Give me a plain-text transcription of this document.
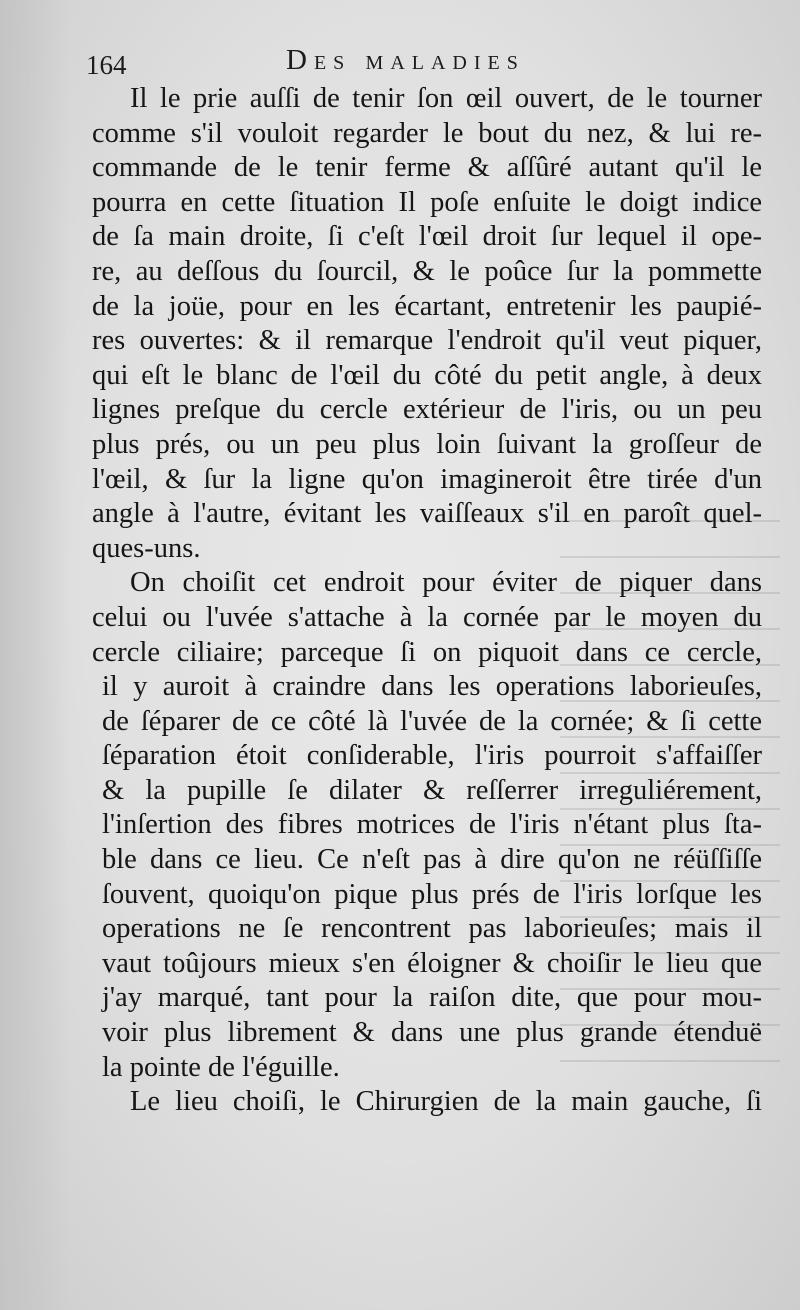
164	Des maladies
Il le prie auſſi de tenir ſon œil ouvert, de le tourner
comme s'il vouloit regarder le bout du nez, & lui re-
commande de le tenir ferme & aſſûré autant qu'il le
pourra en cette ſituation Il poſe enſuite le doigt indice
de ſa main droite, ſi c'eſt l'œil droit ſur lequel il ope-
re, au deſſous du ſourcil, & le poûce ſur la pommette
de la joüe, pour en les écartant, entretenir les paupié-
res ouvertes: & il remarque l'endroit qu'il veut piquer,
qui eſt le blanc de l'œil du côté du petit angle, à deux
lignes preſque du cercle extérieur de l'iris, ou un peu
plus prés, ou un peu plus loin ſuivant la groſſeur de
l'œil, & ſur la ligne qu'on imagineroit être tirée d'un
angle à l'autre, évitant les vaiſſeaux s'il en paroît quel-
ques-uns.
On choiſit cet endroit pour éviter de piquer dans
celui ou l'uvée s'attache à la cornée par le moyen du
cercle ciliaire; parceque ſi on piquoit dans ce cercle,
il y auroit à craindre dans les operations laborieuſes,
de ſéparer de ce côté là l'uvée de la cornée; & ſi cette
ſéparation étoit conſiderable, l'iris pourroit s'affaiſſer
& la pupille ſe dilater & reſſerrer irreguliérement,
l'inſertion des fibres motrices de l'iris n'étant plus ſta-
ble dans ce lieu. Ce n'eſt pas à dire qu'on ne réüſſiſſe
ſouvent, quoiqu'on pique plus prés de l'iris lorſque les
operations ne ſe rencontrent pas laborieuſes; mais il
vaut toûjours mieux s'en éloigner & choiſir le lieu que
j'ay marqué, tant pour la raiſon dite, que pour mou-
voir plus librement & dans une plus grande étenduë
la pointe de l'éguille.
Le lieu choiſi, le Chirurgien de la main gauche, ſi
